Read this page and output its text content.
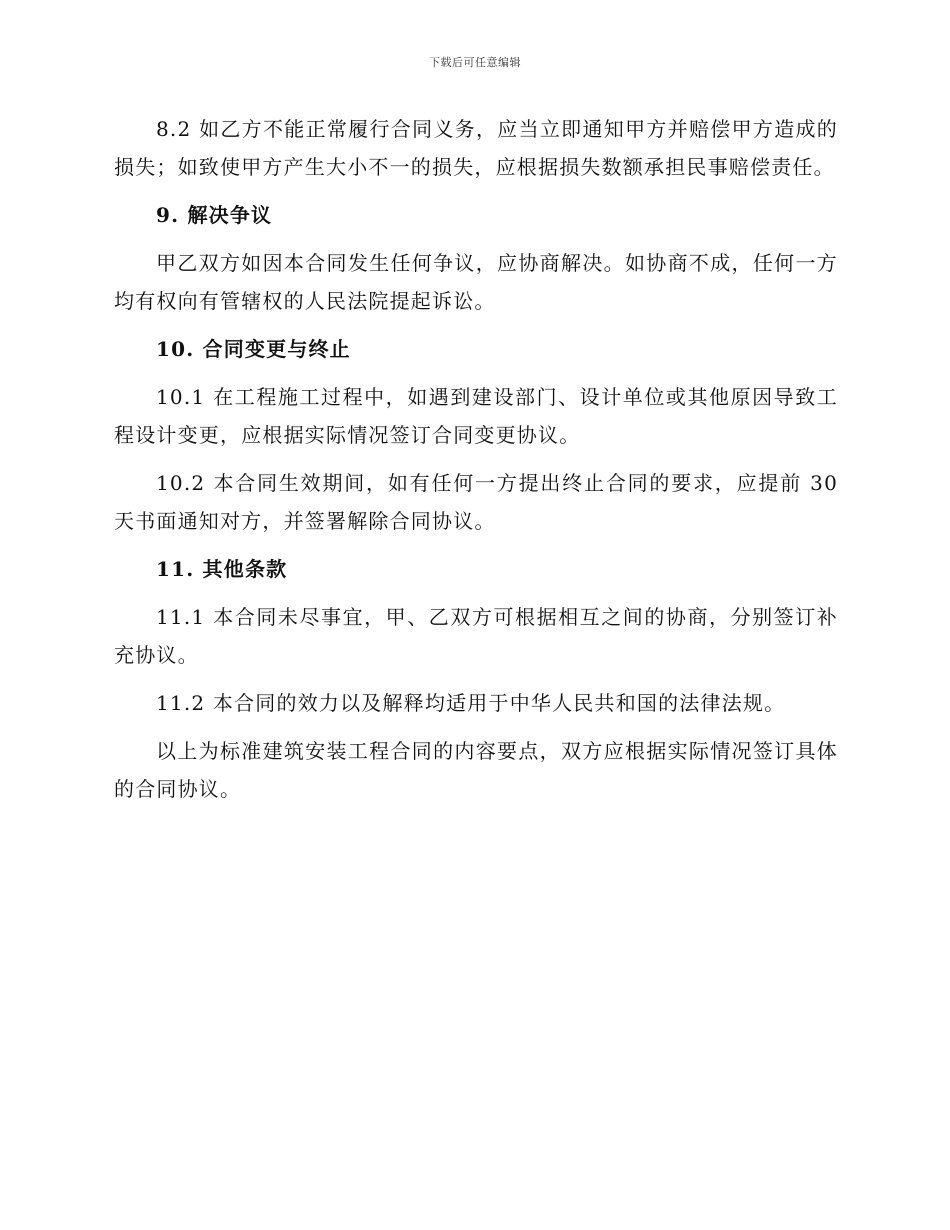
下载后可任意编辑

8.2 如乙方不能正常履行合同义务，应当立即通知甲方并赔偿甲方造成的损失；如致使甲方产生大小不一的损失，应根据损失数额承担民事赔偿责任。

9. 解决争议

甲乙双方如因本合同发生任何争议，应协商解决。如协商不成，任何一方均有权向有管辖权的人民法院提起诉讼。

10. 合同变更与终止

10.1 在工程施工过程中，如遇到建设部门、设计单位或其他原因导致工程设计变更，应根据实际情况签订合同变更协议。

10.2 本合同生效期间，如有任何一方提出终止合同的要求，应提前 30 天书面通知对方，并签署解除合同协议。

11. 其他条款

11.1 本合同未尽事宜，甲、乙双方可根据相互之间的协商，分别签订补充协议。

11.2 本合同的效力以及解释均适用于中华人民共和国的法律法规。

以上为标准建筑安装工程合同的内容要点，双方应根据实际情况签订具体的合同协议。
